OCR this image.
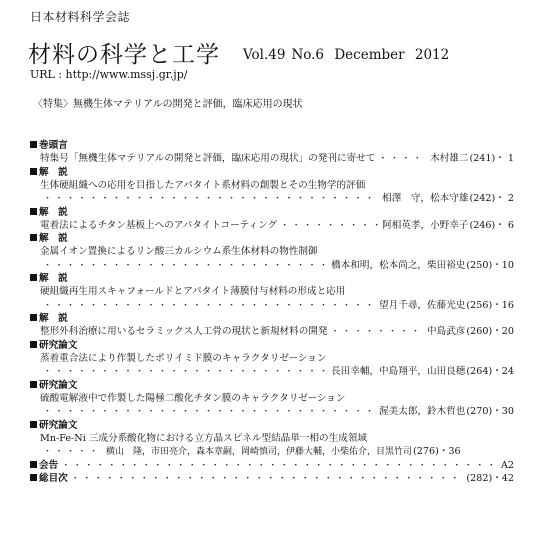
日本材料科学会誌
材料の科学と工学 Vol.49 No.6 December 2012
URL : http://www.mssj.gr.jp/
〈特集〉無機生体マテリアルの開発と評価，臨床応用の現状
巻頭言
特集号「無機生体マテリアルの開発と評価，臨床応用の現状」の発刊に寄せて ・・・・・・・・・・・・・・・・・・・・・・・・・・・・・・・・・・・・・・・・・・・・・・・・・・・・・・・・・・・・・・・	木村雄二 (241)・ 1
解　説
生体硬組織への応用を目指したアパタイト系材料の創製とその生物学的評価
・・・・・・・・・・・・・・・・・・・・・・・・・・・・・・・・・・・・・・・・・・・・・・・・・・・・・・・・・・・・・・・
相澤　守，松本守雄 (242)・ 2
解　説
電着法によるチタン基板上へのアパタイトコーティング ・・・・・・・・・・・・・・・・・・・・・・・・・・・・・・・・・・・・・・・・・・・・・・・・・・・・・・・・・・・・・・・	阿相英孝，小野幸子 (246)・ 6
解　説
金属イオン置換によるリン酸三カルシウム系生体材料の物性制御
・・・・・・・・・・・・・・・・・・・・・・・・・・・・・・・・・・・・・・・・・・・・・・・・・・・・・・・・・・・・・・・
橋本和明，松本尚之，柴田裕史 (250)・10
解　説
硬組織再生用スキャフォールドとアパタイト薄膜付与材料の形成と応用
・・・・・・・・・・・・・・・・・・・・・・・・・・・・・・・・・・・・・・・・・・・・・・・・・・・・・・・・・・・・・・・
望月千尋，佐藤光史 (256)・16
解　説
整形外科治療に用いるセラミックス人工骨の現状と新規材料の開発 ・・・・・・・・・・・・・・・・・・・・・・・・・・・・・・・・・・・・・・・・・・・・・・・・・・・・・・・・・・・・・・・	中島武彦 (260)・20
研究論文
蒸着重合法により作製したポリイミド膜のキャラクタリゼーション
・・・・・・・・・・・・・・・・・・・・・・・・・・・・・・・・・・・・・・・・・・・・・・・・・・・・・・・・・・・・・・・
長田幸輔，中島翔平，山田良穂 (264)・24
研究論文
硫酸電解液中で作製した陽極二酸化チタン膜のキャラクタリゼーション
・・・・・・・・・・・・・・・・・・・・・・・・・・・・・・・・・・・・・・・・・・・・・・・・・・・・・・・・・・・・・・・
渥美太郎，鈴木哲也 (270)・30
研究論文
Mn-Fe-Ni 三成分系酸化物における立方晶スピネル型結晶単一相の生成領域
・・・・・・・・・・・・・・・・・・・・・・・・・・・・・・・・・・・・・・・・・・・・・・・・・・・・・・・・・・・・・・・
横山　隆，市田亮介，森本章嗣，岡崎慎司，伊藤大輔，小柴佑介，目黒竹司 (276)・36
会告 ・・・・・・・・・・・・・・・・・・・・・・・・・・・・・・・・・・・・・・・・・・・・・・・・・・・・・・・・・・・・・・・	A2
総目次 ・・・・・・・・・・・・・・・・・・・・・・・・・・・・・・・・・・・・・・・・・・・・・・・・・・・・・・・・・・・・・・・	(282)・42
